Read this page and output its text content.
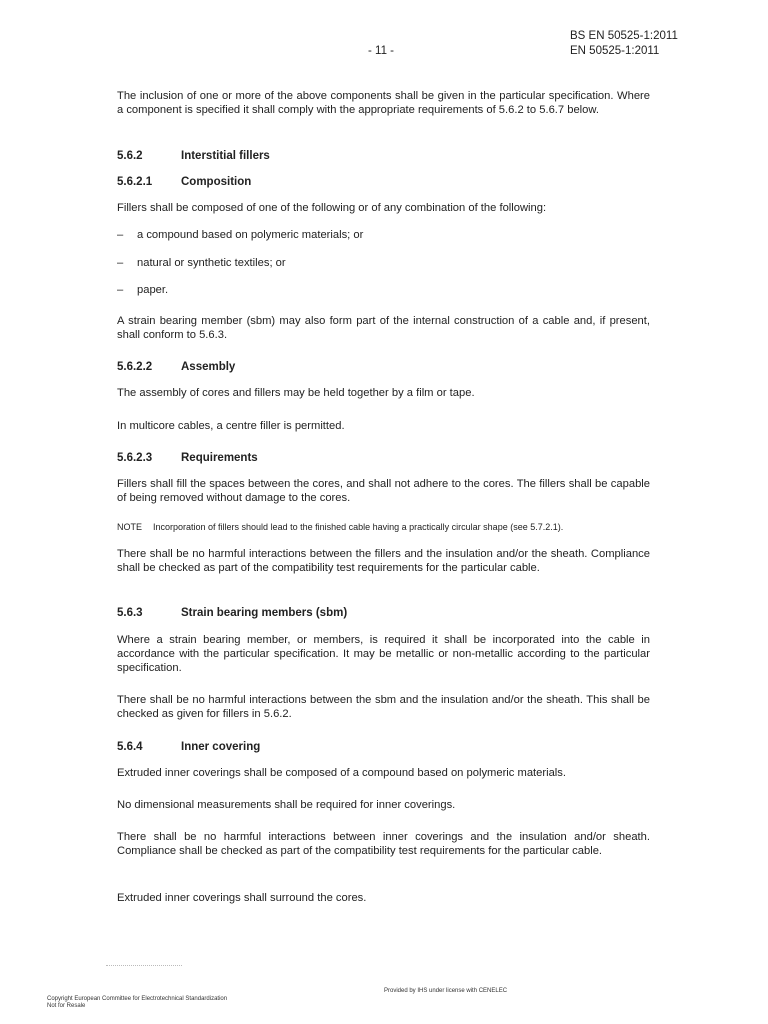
BS EN 50525-1:2011
- 11 -	EN 50525-1:2011

The inclusion of one or more of the above components shall be given in the particular specification. Where a component is specified it shall comply with the appropriate requirements of 5.6.2 to 5.6.7 below.

5.6.2	Interstitial fillers
5.6.2.1	Composition

Fillers shall be composed of one of the following or of any combination of the following:

– a compound based on polymeric materials; or
– natural or synthetic textiles; or
– paper.

A strain bearing member (sbm) may also form part of the internal construction of a cable and, if present, shall conform to 5.6.3.

5.6.2.2	Assembly

The assembly of cores and fillers may be held together by a film or tape.

In multicore cables, a centre filler is permitted.

5.6.2.3	Requirements

Fillers shall fill the spaces between the cores, and shall not adhere to the cores. The fillers shall be capable of being removed without damage to the cores.

NOTE Incorporation of fillers should lead to the finished cable having a practically circular shape (see 5.7.2.1).

There shall be no harmful interactions between the fillers and the insulation and/or the sheath. Compliance shall be checked as part of the compatibility test requirements for the particular cable.

5.6.3	Strain bearing members (sbm)

Where a strain bearing member, or members, is required it shall be incorporated into the cable in accordance with the particular specification. It may be metallic or non-metallic according to the particular specification.

There shall be no harmful interactions between the sbm and the insulation and/or the sheath. This shall be checked as given for fillers in 5.6.2.

5.6.4	Inner covering

Extruded inner coverings shall be composed of a compound based on polymeric materials.

No dimensional measurements shall be required for inner coverings.

There shall be no harmful interactions between inner coverings and the insulation and/or sheath. Compliance shall be checked as part of the compatibility test requirements for the particular cable.

Extruded inner coverings shall surround the cores.

Provided by IHS under license with CENELEC
Copyright European Committee for Electrotechnical Standardization
Not for Resale
